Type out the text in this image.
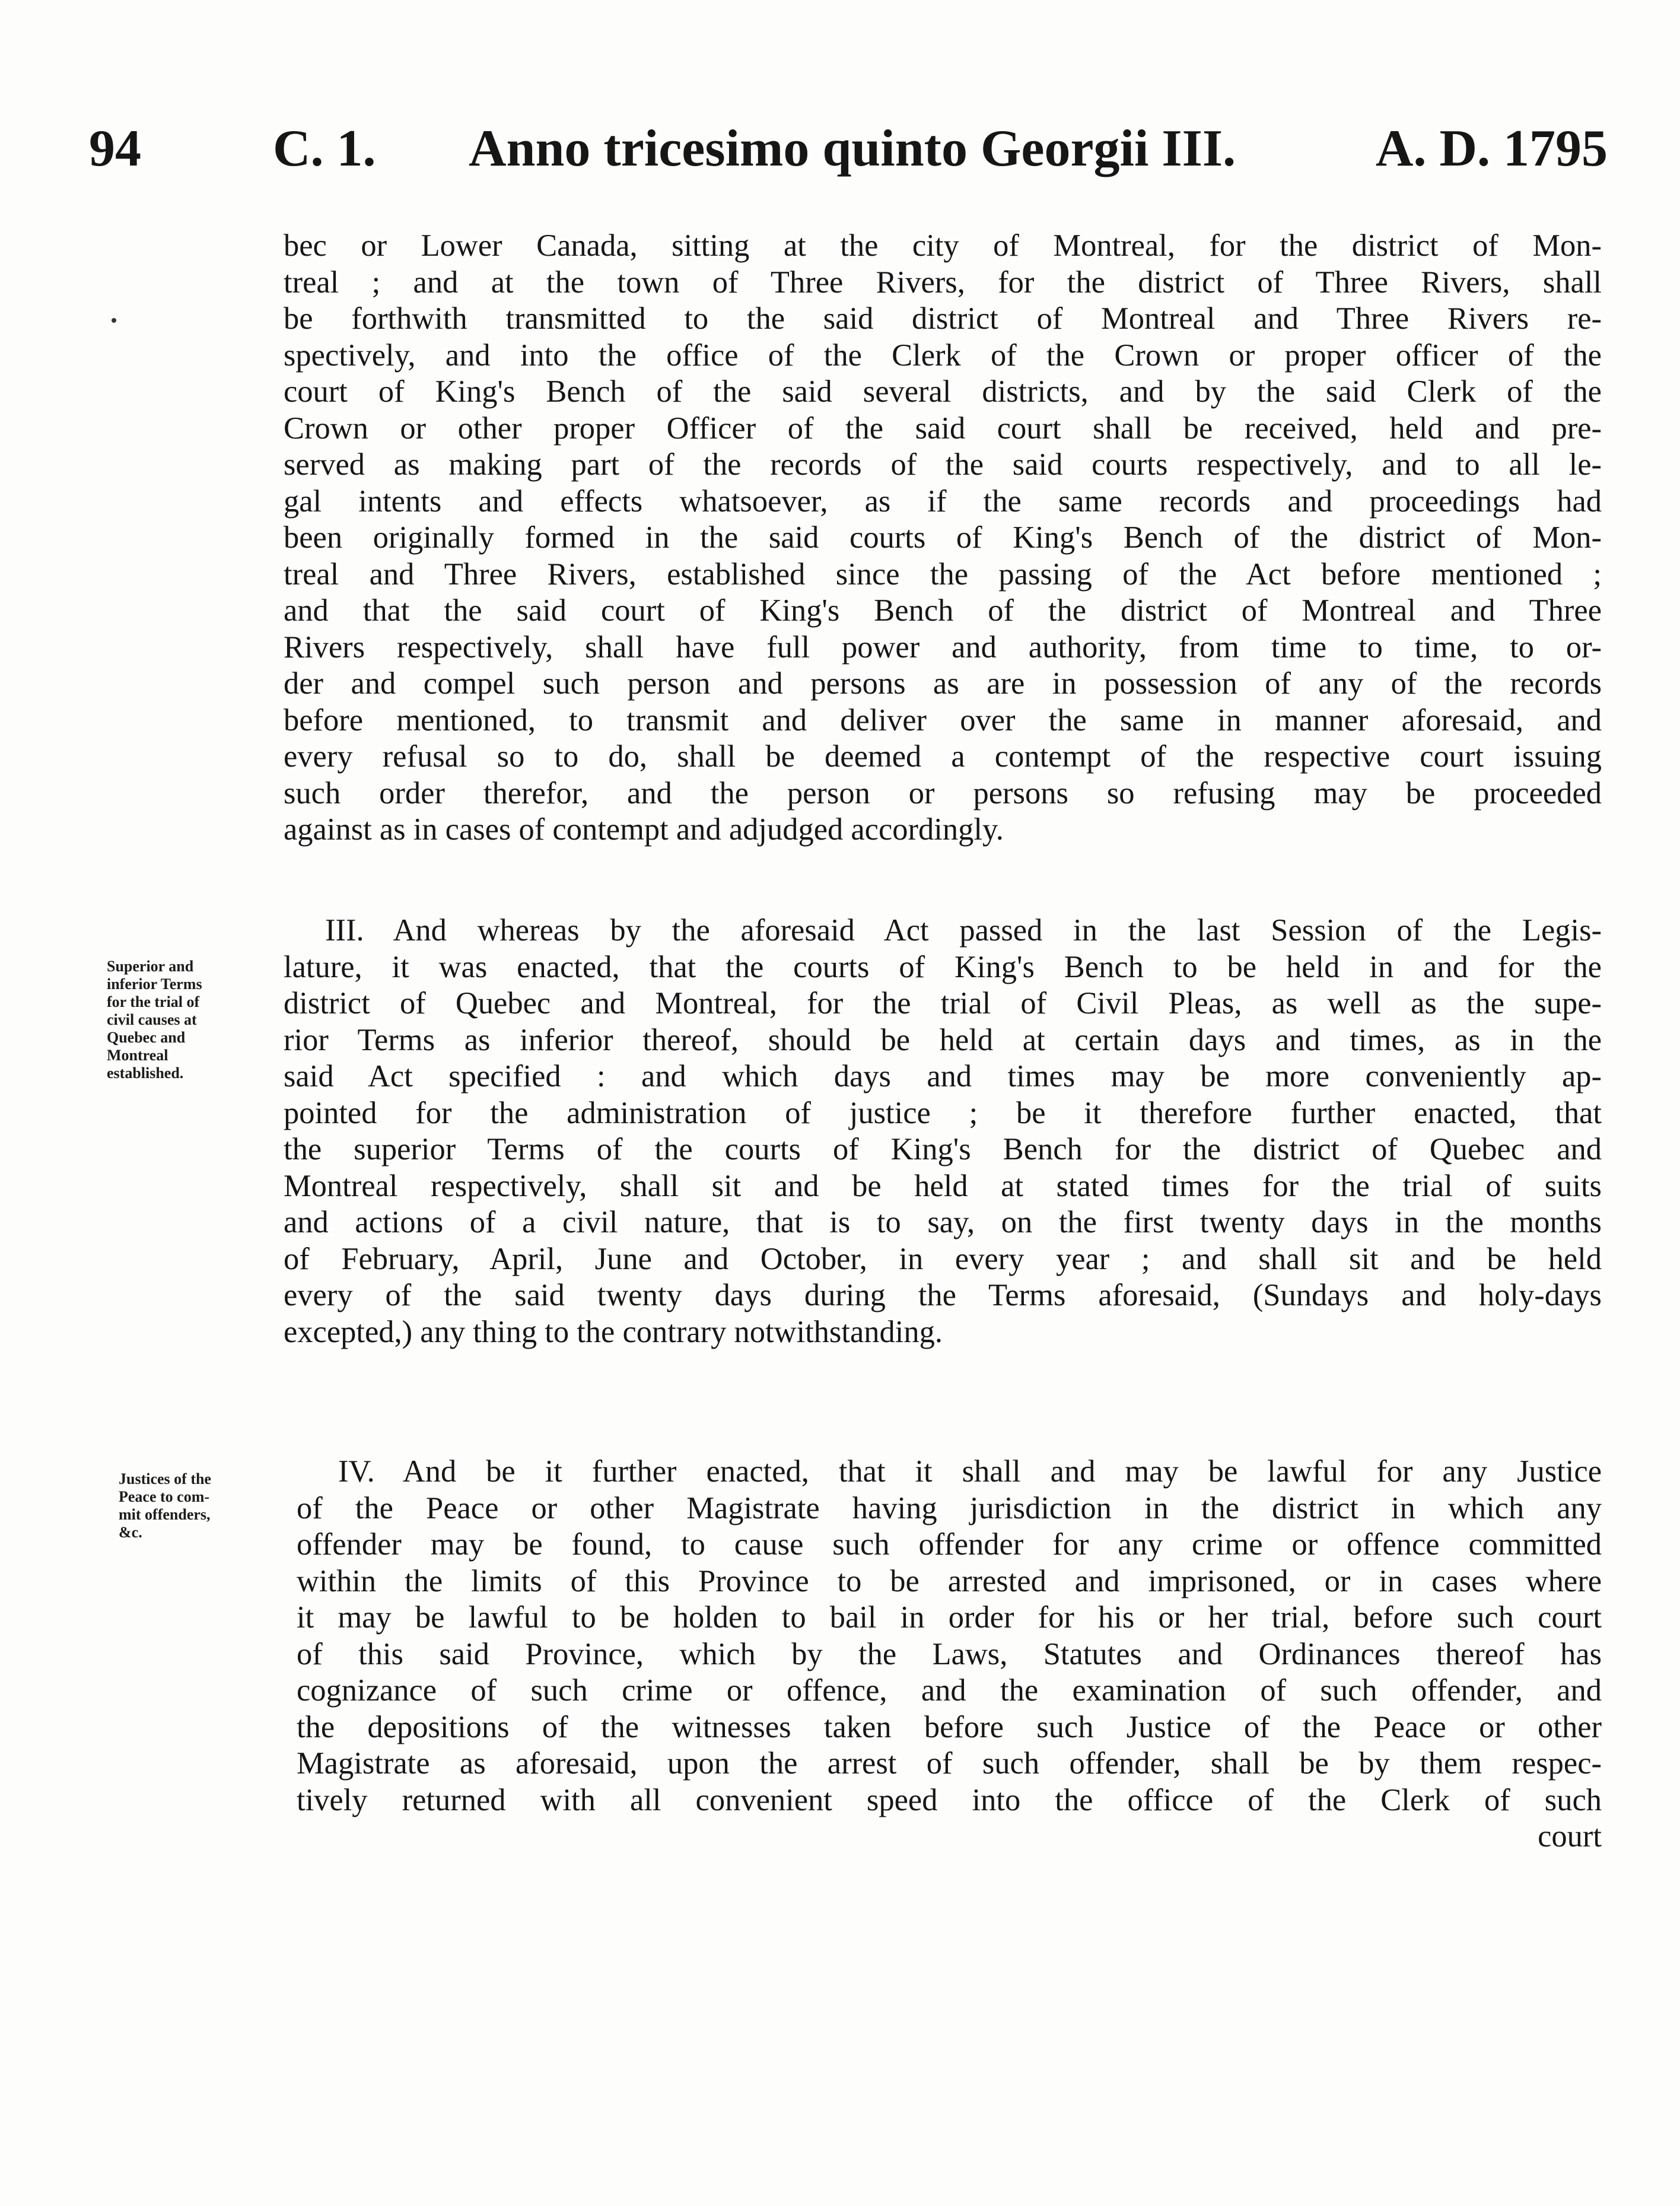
94	C. 1. Anno tricesimo quinto Georgii III.	A. D. 1795
bec or Lower Canada, sitting at the city of Montreal, for the district of Mon-
treal ; and at the town of Three Rivers, for the district of Three Rivers, shall
be forthwith transmitted to the said district of Montreal and Three Rivers re-
spectively, and into the office of the Clerk of the Crown or proper officer of the
court of King's Bench of the said several districts, and by the said Clerk of the
Crown or other proper Officer of the said court shall be received, held and pre-
served as making part of the records of the said courts respectively, and to all le-
gal intents and effects whatsoever, as if the same records and proceedings had
been originally formed in the said courts of King's Bench of the district of Mon-
treal and Three Rivers, established since the passing of the Act before mentioned ;
and that the said court of King's Bench of the district of Montreal and Three
Rivers respectively, shall have full power and authority, from time to time, to or-
der and compel such person and persons as are in possession of any of the records
before mentioned, to transmit and deliver over the same in manner aforesaid, and
every refusal so to do, shall be deemed a contempt of the respective court issuing
such order therefor, and the person or persons so refusing may be proceeded
against as in cases of contempt and adjudged accordingly.
Superior and
inferior Terms
for the trial of
civil causes at
Quebec and
Montreal
established.
III. And whereas by the aforesaid Act passed in the last Session of the Legis-
lature, it was enacted, that the courts of King's Bench to be held in and for the
district of Quebec and Montreal, for the trial of Civil Pleas, as well as the supe-
rior Terms as inferior thereof, should be held at certain days and times, as in the
said Act specified : and which days and times may be more conveniently ap-
pointed for the administration of justice ; be it therefore further enacted, that
the superior Terms of the courts of King's Bench for the district of Quebec and
Montreal respectively, shall sit and be held at stated times for the trial of suits
and actions of a civil nature, that is to say, on the first twenty days in the months
of February, April, June and October, in every year ; and shall sit and be held
every of the said twenty days during the Terms aforesaid, (Sundays and holy-days
excepted,) any thing to the contrary notwithstanding.
Justices of the
Peace to com-
mit offenders,
&c.
IV. And be it further enacted, that it shall and may be lawful for any Justice
of the Peace or other Magistrate having jurisdiction in the district in which any
offender may be found, to cause such offender for any crime or offence committed
within the limits of this Province to be arrested and imprisoned, or in cases where
it may be lawful to be holden to bail in order for his or her trial, before such court
of this said Province, which by the Laws, Statutes and Ordinances thereof has
cognizance of such crime or offence, and the examination of such offender, and
the depositions of the witnesses taken before such Justice of the Peace or other
Magistrate as aforesaid, upon the arrest of such offender, shall be by them respec-
tively returned with all convenient speed into the officce of the Clerk of such
court
